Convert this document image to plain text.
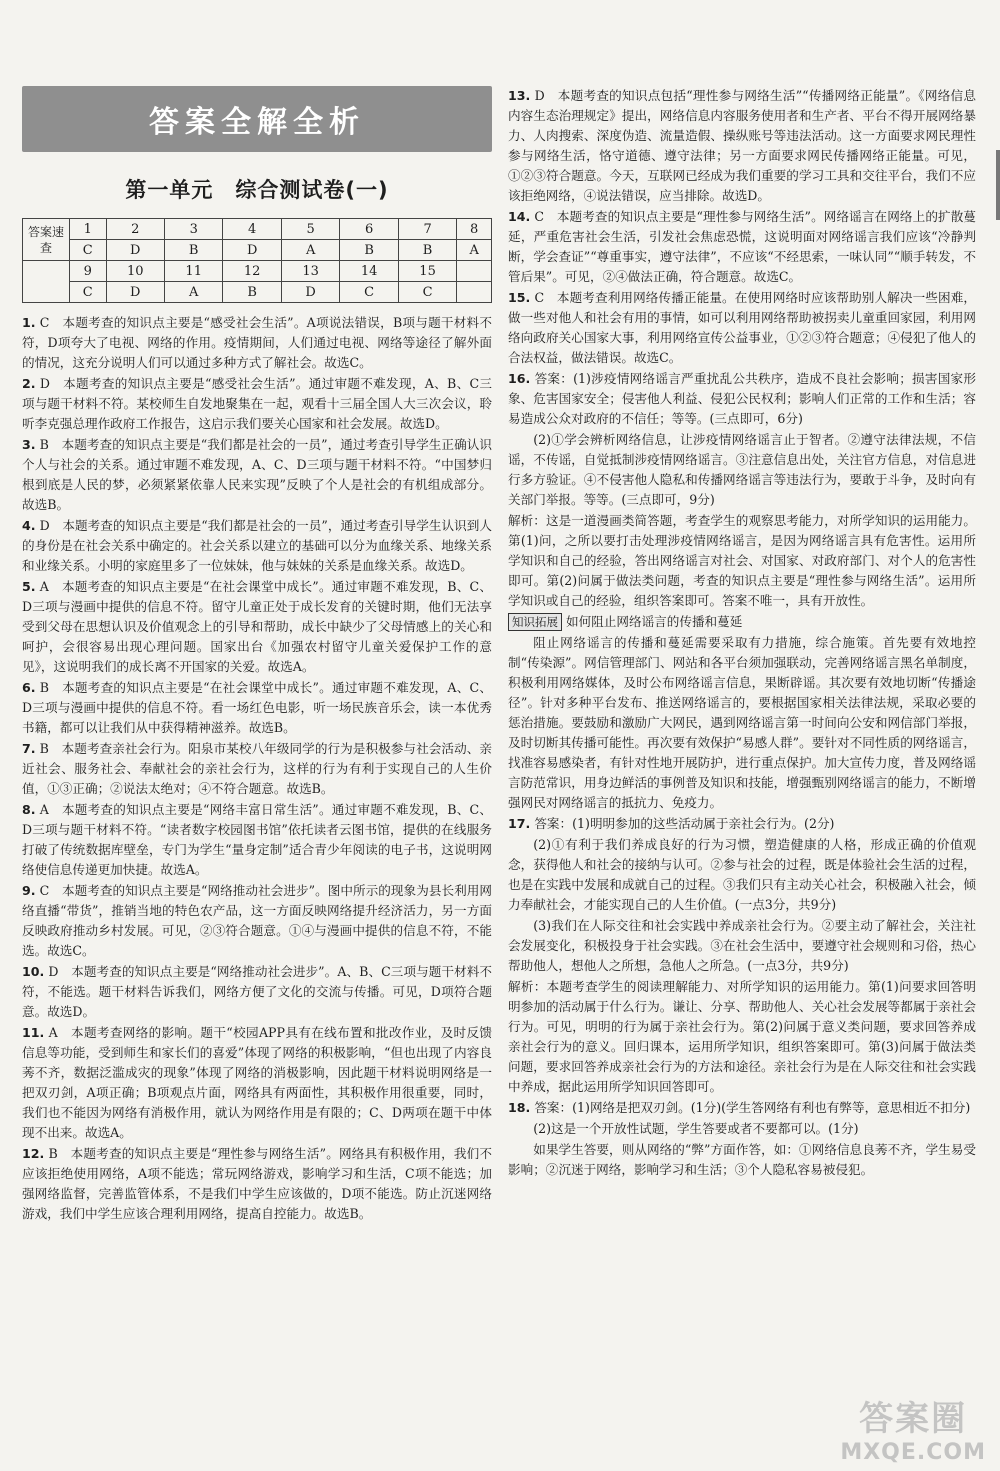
答案全解全析
第一单元　综合测试卷(一)
答案速查	1	2	3	4	5	6	7	8
	C	D	B	D	A	B	B	A
	9	10	11	12	13	14	15	
	C	D	A	B	D	C	C	
1. C　本题考查的知识点主要是“感受社会生活”。A项说法错误，B项与题干材料不符，D项夸大了电视、网络的作用。疫情期间，人们通过电视、网络等途径了解外面的情况，这充分说明人们可以通过多种方式了解社会。故选C。
2. D　本题考查的知识点主要是“感受社会生活”。通过审题不难发现，A、B、C三项与题干材料不符。某校师生自发地聚集在一起，观看十三届全国人大三次会议，聆听李克强总理作政府工作报告，这启示我们要关心国家和社会发展。故选D。
3. B　本题考查的知识点主要是“我们都是社会的一员”，通过考查引导学生正确认识个人与社会的关系。通过审题不难发现，A、C、D三项与题干材料不符。“中国梦归根到底是人民的梦，必须紧紧依靠人民来实现”反映了个人是社会的有机组成部分。故选B。
4. D　本题考查的知识点主要是“我们都是社会的一员”，通过考查引导学生认识到人的身份是在社会关系中确定的。社会关系以建立的基础可以分为血缘关系、地缘关系和业缘关系。小明的家庭里多了一位妹妹，他与妹妹的关系是血缘关系。故选D。
5. A　本题考查的知识点主要是“在社会课堂中成长”。通过审题不难发现，B、C、D三项与漫画中提供的信息不符。留守儿童正处于成长发育的关键时期，他们无法享受到父母在思想认识及价值观念上的引导和帮助，成长中缺少了父母情感上的关心和呵护，会很容易出现心理问题。国家出台《加强农村留守儿童关爱保护工作的意见》，这说明我们的成长离不开国家的关爱。故选A。
6. B　本题考查的知识点主要是“在社会课堂中成长”。通过审题不难发现，A、C、D三项与漫画中提供的信息不符。看一场红色电影，听一场民族音乐会，读一本优秀书籍，都可以让我们从中获得精神滋养。故选B。
7. B　本题考查亲社会行为。阳泉市某校八年级同学的行为是积极参与社会活动、亲近社会、服务社会、奉献社会的亲社会行为，这样的行为有利于实现自己的人生价值，①③正确；②说法太绝对；④不符合题意。故选B。
8. A　本题考查的知识点主要是“网络丰富日常生活”。通过审题不难发现，B、C、D三项与题干材料不符。“读者数字校园图书馆”依托读者云图书馆，提供的在线服务打破了传统数据库壁垒，专门为学生“量身定制”适合青少年阅读的电子书，这说明网络使信息传递更加快捷。故选A。
9. C　本题考查的知识点主要是“网络推动社会进步”。图中所示的现象为县长利用网络直播“带货”，推销当地的特色农产品，这一方面反映网络提升经济活力，另一方面反映政府推动乡村发展。可见，②③符合题意。①④与漫画中提供的信息不符，不能选。故选C。
10. D　本题考查的知识点主要是“网络推动社会进步”。A、B、C三项与题干材料不符，不能选。题干材料告诉我们，网络方便了文化的交流与传播。可见，D项符合题意。故选D。
11. A　本题考查网络的影响。题干“校园APP具有在线布置和批改作业，及时反馈信息等功能，受到师生和家长们的喜爱”体现了网络的积极影响，“但也出现了内容良莠不齐，数据泛滥成灾的现象”体现了网络的消极影响，因此题干材料说明网络是一把双刃剑，A项正确；B项观点片面，网络具有两面性，其积极作用很重要，同时，我们也不能因为网络有消极作用，就认为网络作用是有限的；C、D两项在题干中体现不出来。故选A。
12. B　本题考查的知识点主要是“理性参与网络生活”。网络具有积极作用，我们不应该拒绝使用网络，A项不能选；常玩网络游戏，影响学习和生活，C项不能选；加强网络监督，完善监管体系，不是我们中学生应该做的，D项不能选。防止沉迷网络游戏，我们中学生应该合理利用网络，提高自控能力。故选B。
13. D　本题考查的知识点包括“理性参与网络生活”“传播网络正能量”。《网络信息内容生态治理规定》提出，网络信息内容服务使用者和生产者、平台不得开展网络暴力、人肉搜索、深度伪造、流量造假、操纵账号等违法活动。这一方面要求网民理性参与网络生活，恪守道德、遵守法律；另一方面要求网民传播网络正能量。可见，①②③符合题意。今天，互联网已经成为我们重要的学习工具和交往平台，我们不应该拒绝网络，④说法错误，应当排除。故选D。
14. C　本题考查的知识点主要是“理性参与网络生活”。网络谣言在网络上的扩散蔓延，严重危害社会生活，引发社会焦虑恐慌，这说明面对网络谣言我们应该“冷静判断，学会查证”“尊重事实，遵守法律”，不应该“不经思索，一味认同”“顺手转发，不管后果”。可见，②④做法正确，符合题意。故选C。
15. C　本题考查利用网络传播正能量。在使用网络时应该帮助别人解决一些困难，做一些对他人和社会有用的事情，如可以利用网络帮助被拐卖儿童重回家园，利用网络向政府关心国家大事，利用网络宣传公益事业，①②③符合题意；④侵犯了他人的合法权益，做法错误。故选C。
16. 答案：(1)涉疫情网络谣言严重扰乱公共秩序，造成不良社会影响；损害国家形象、危害国家安全；侵害他人利益、侵犯公民权利；影响人们正常的工作和生活；容易造成公众对政府的不信任；等等。(三点即可，6分)
(2)①学会辨析网络信息，让涉疫情网络谣言止于智者。②遵守法律法规，不信谣，不传谣，自觉抵制涉疫情网络谣言。③注意信息出处，关注官方信息，对信息进行多方验证。④不侵害他人隐私和传播网络谣言等违法行为，要敢于斗争，及时向有关部门举报。等等。(三点即可，9分)
解析：这是一道漫画类简答题，考查学生的观察思考能力，对所学知识的运用能力。第(1)问，之所以要打击处理涉疫情网络谣言，是因为网络谣言具有危害性。运用所学知识和自己的经验，答出网络谣言对社会、对国家、对政府部门、对个人的危害性即可。第(2)问属于做法类问题，考查的知识点主要是“理性参与网络生活”。运用所学知识或自己的经验，组织答案即可。答案不唯一，具有开放性。
知识拓展 如何阻止网络谣言的传播和蔓延
阻止网络谣言的传播和蔓延需要采取有力措施，综合施策。首先要有效地控制“传染源”。网信管理部门、网站和各平台须加强联动，完善网络谣言黑名单制度，积极利用网络媒体，及时公布网络谣言信息，果断辟谣。其次要有效地切断“传播途径”。针对多种平台发布、推送网络谣言的，要根据国家相关法律法规，采取必要的惩治措施。要鼓励和激励广大网民，遇到网络谣言第一时间向公安和网信部门举报，及时切断其传播可能性。再次要有效保护“易感人群”。要针对不同性质的网络谣言，找准容易感染者，有针对性地开展防护，进行重点保护。加大宣传力度，普及网络谣言防范常识，用身边鲜活的事例普及知识和技能，增强甄别网络谣言的能力，不断增强网民对网络谣言的抵抗力、免疫力。
17. 答案：(1)明明参加的这些活动属于亲社会行为。(2分)
(2)①有利于我们养成良好的行为习惯，塑造健康的人格，形成正确的价值观念，获得他人和社会的接纳与认可。②参与社会的过程，既是体验社会生活的过程，也是在实践中发展和成就自己的过程。③我们只有主动关心社会，积极融入社会，倾力奉献社会，才能实现自己的人生价值。(一点3分，共9分)
(3)我们在人际交往和社会实践中养成亲社会行为。②要主动了解社会，关注社会发展变化，积极投身于社会实践。③在社会生活中，要遵守社会规则和习俗，热心帮助他人，想他人之所想，急他人之所急。(一点3分，共9分)
解析：本题考查学生的阅读理解能力、对所学知识的运用能力。第(1)问要求回答明明参加的活动属于什么行为。谦让、分享、帮助他人、关心社会发展等都属于亲社会行为。可见，明明的行为属于亲社会行为。第(2)问属于意义类问题，要求回答养成亲社会行为的意义。回归课本，运用所学知识，组织答案即可。第(3)问属于做法类问题，要求回答养成亲社会行为的方法和途径。亲社会行为是在人际交往和社会实践中养成，据此运用所学知识回答即可。
18. 答案：(1)网络是把双刃剑。(1分)(学生答网络有利也有弊等，意思相近不扣分)
(2)这是一个开放性试题，学生答要或者不要都可以。(1分)
如果学生答要，则从网络的“弊”方面作答，如：①网络信息良莠不齐，学生易受影响；②沉迷于网络，影响学习和生活；③个人隐私容易被侵犯。
答案圈
MXQE.COM
